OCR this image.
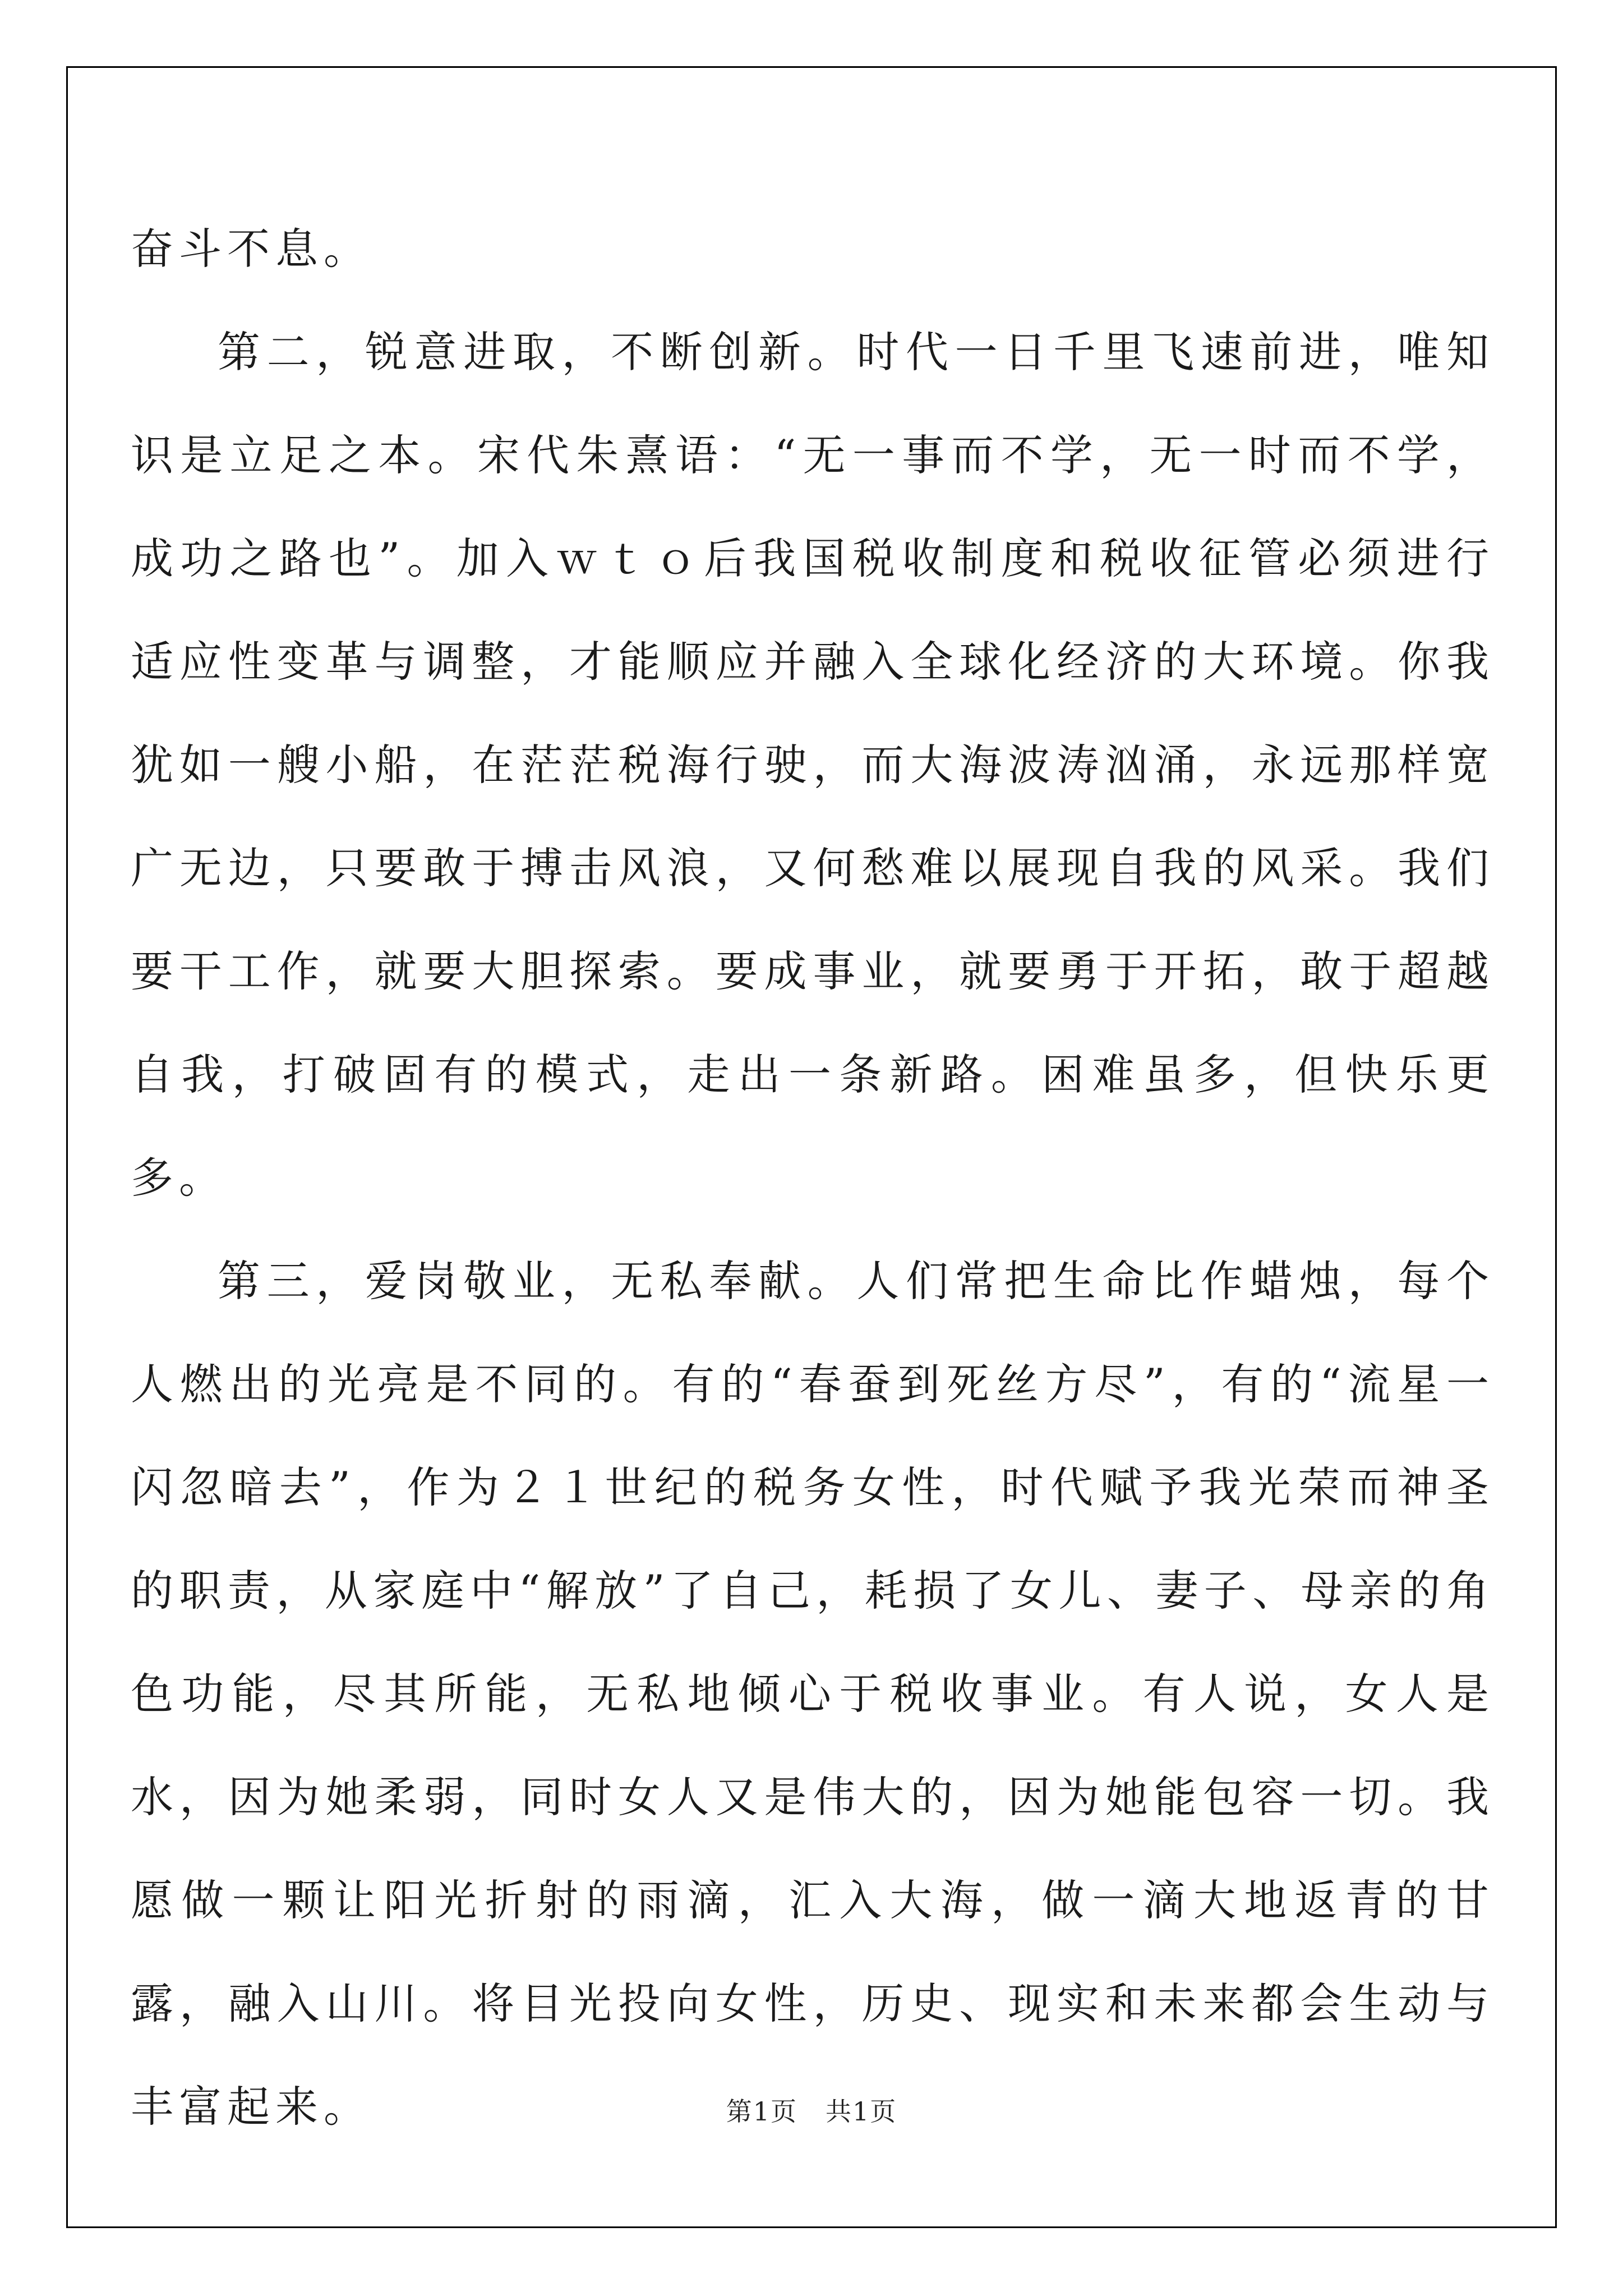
奋斗不息。

第二，锐意进取，不断创新。时代一日千里飞速前进，唯知识是立足之本。宋代朱熹语：“无一事而不学，无一时而不学，成功之路也”。加入ｗｔｏ后我国税收制度和税收征管必须进行适应性变革与调整，才能顺应并融入全球化经济的大环境。你我犹如一艘小船，在茫茫税海行驶，而大海波涛汹涌，永远那样宽广无边，只要敢于搏击风浪，又何愁难以展现自我的风采。我们要干工作，就要大胆探索。要成事业，就要勇于开拓，敢于超越自我，打破固有的模式，走出一条新路。困难虽多，但快乐更多。

第三，爱岗敬业，无私奉献。人们常把生命比作蜡烛，每个人燃出的光亮是不同的。有的“春蚕到死丝方尽”，有的“流星一闪忽暗去”，作为２１世纪的税务女性，时代赋予我光荣而神圣的职责，从家庭中“解放”了自己，耗损了女儿、妻子、母亲的角色功能，尽其所能，无私地倾心于税收事业。有人说，女人是水，因为她柔弱，同时女人又是伟大的，因为她能包容一切。我愿做一颗让阳光折射的雨滴，汇入大海，做一滴大地返青的甘露，融入山川。将目光投向女性，历史、现实和未来都会生动与丰富起来。	第1页 共1页
